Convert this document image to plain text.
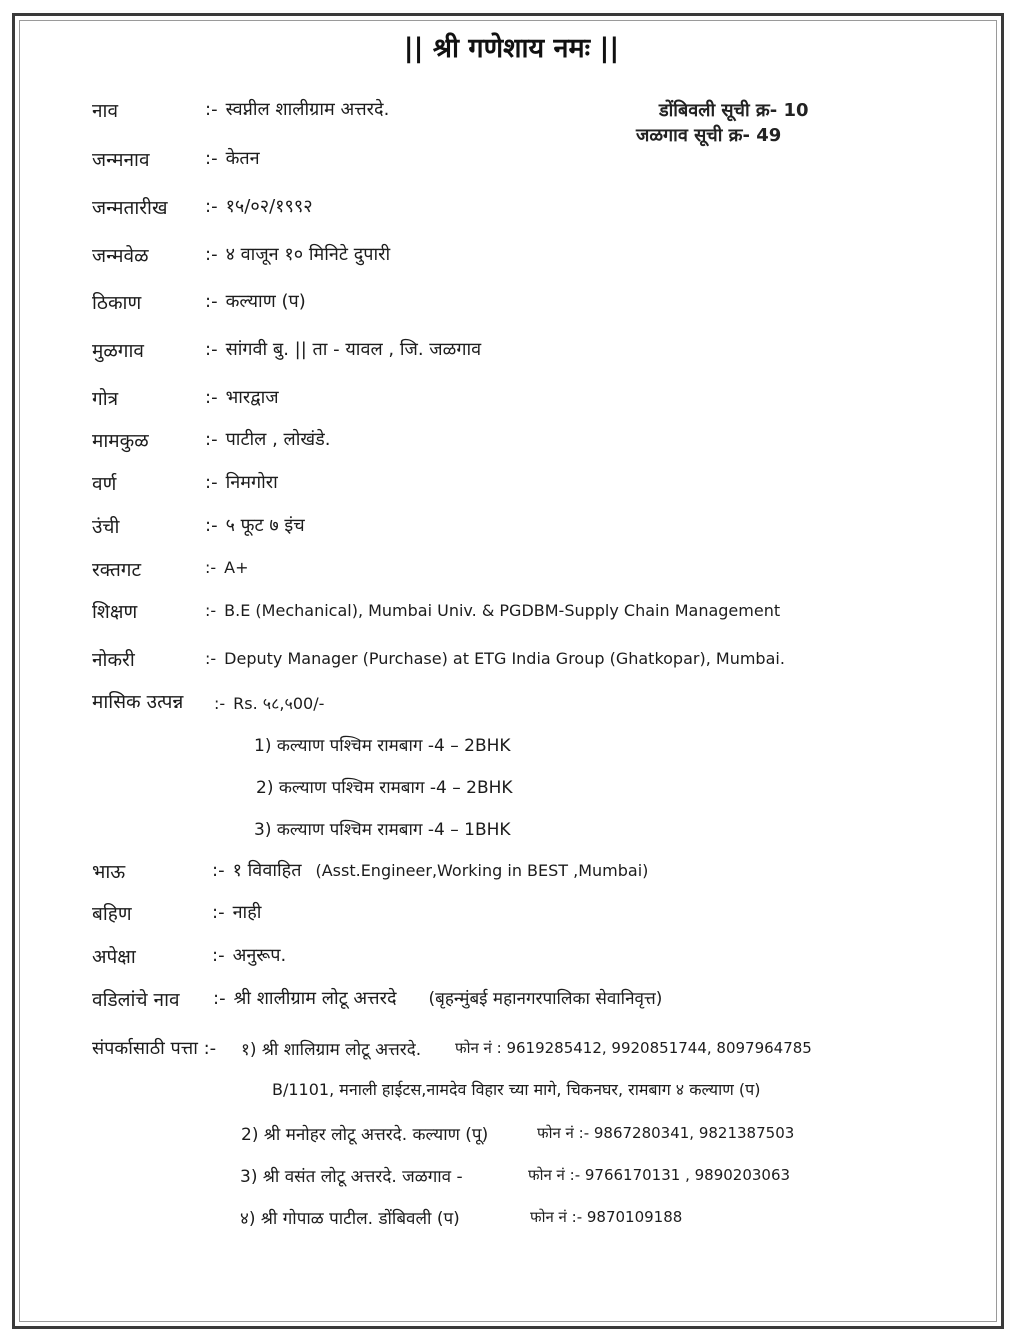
|| श्री गणेशाय नमः ||
डोंबिवली सूची क्र- 10
जळगाव सूची क्र- 49
नाव	:- स्वप्नील शालीग्राम अत्तरदे.
जन्मनाव	:- केतन
जन्मतारीख :- १५/०२/१९९२
जन्मवेळ	:- ४ वाजून १० मिनिटे दुपारी
ठिकाण	:- कल्याण (प)
मुळगाव	:- सांगवी बु. || ता - यावल , जि. जळगाव
गोत्र	:- भारद्वाज
मामकुळ	:- पाटील , लोखंडे.
वर्ण	:- निमगोरा
उंची	:- ५ फूट ७ इंच
रक्तगट	:- A+
शिक्षण	:- B.E (Mechanical), Mumbai Univ. & PGDBM-Supply Chain Management
नोकरी	:- Deputy Manager (Purchase) at ETG India Group (Ghatkopar), Mumbai.
मासिक उत्पन्न :- Rs. ५८,५00/-
1) कल्याण पश्चिम रामबाग -4 – 2BHK
2) कल्याण पश्चिम रामबाग -4 – 2BHK
3) कल्याण पश्चिम रामबाग -4 – 1BHK
भाऊ	:- १ विवाहित (Asst.Engineer,Working in BEST ,Mumbai)
बहिण	:- नाही
अपेक्षा	:- अनुरूप.
वडिलांचे नाव :- श्री शालीग्राम लोटू अत्तरदे (बृहन्मुंबई महानगरपालिका सेवानिवृत्त)
संपर्कासाठी पत्ता :- १) श्री शालिग्राम लोटू अत्तरदे. फोन नं : 9619285412, 9920851744, 8097964785
B/1101, मनाली हाईटस,नामदेव विहार च्या मागे, चिकनघर, रामबाग ४ कल्याण (प)
2) श्री मनोहर लोटू अत्तरदे. कल्याण (पू)	फोन नं :- 9867280341, 9821387503
3) श्री वसंत लोटू अत्तरदे. जळगाव -	फोन नं :- 9766170131 , 9890203063
४) श्री गोपाळ पाटील. डोंबिवली (प)	फोन नं :- 9870109188
